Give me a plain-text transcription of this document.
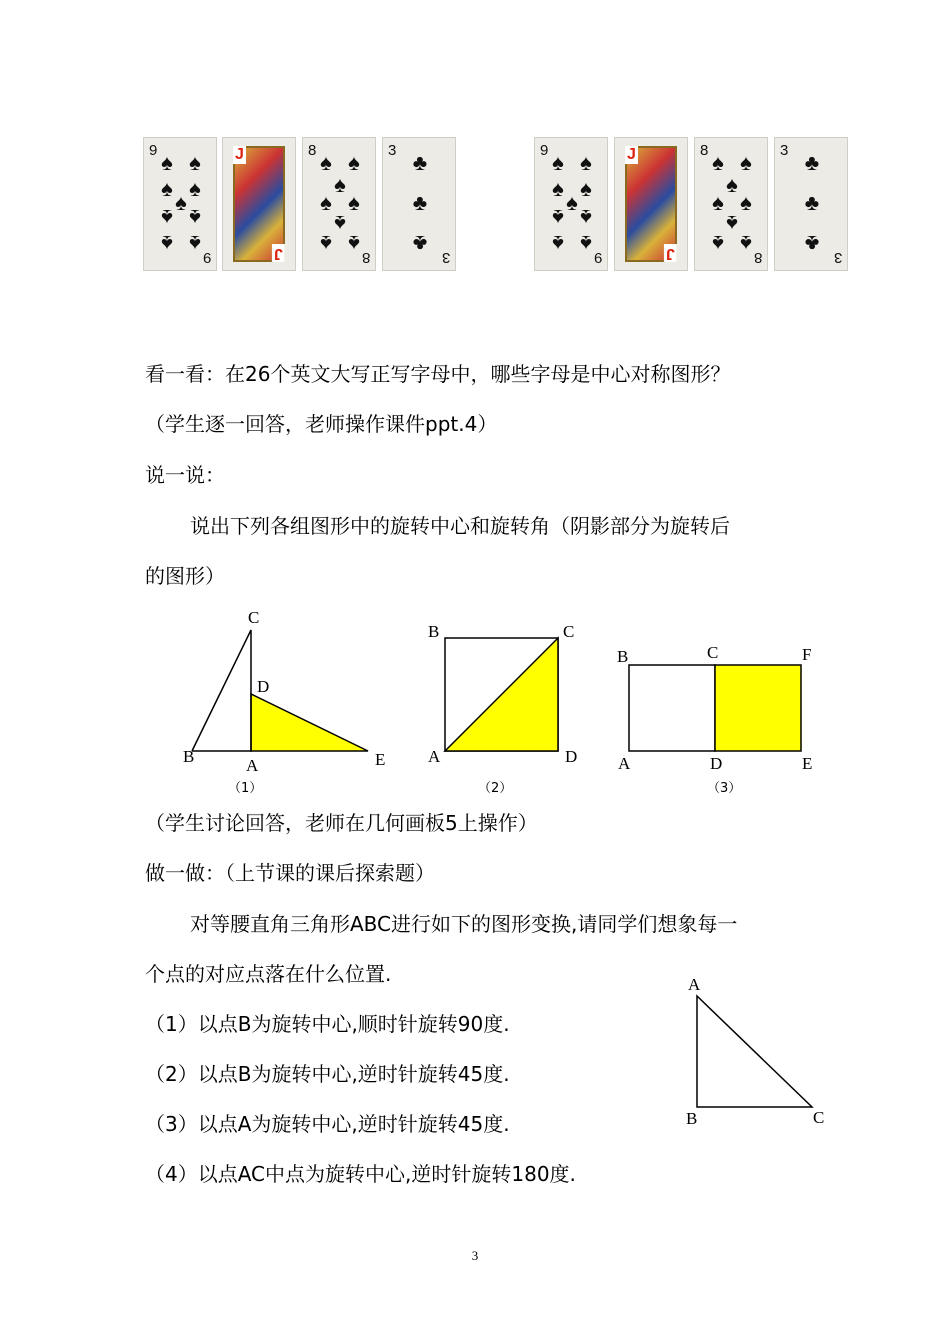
9
9
♠ ♠
♠ ♠
♠
♠ ♠
♠ ♠
J
J
8
8
♠ ♠
♠
♠ ♠
♠
♠ ♠
3
3
♣
♣
♣
9
9
♠ ♠
♠ ♠
♠
♠ ♠
♠ ♠
J
J
8
8
♠ ♠
♠
♠ ♠
♠
♠ ♠
3
3
♣
♣
♣
看一看：在26个英文大写正写字母中，哪些字母是中心对称图形？
（学生逐一回答，老师操作课件ppt.4）
说一说：
说出下列各组图形中的旋转中心和旋转角（阴影部分为旋转后
的图形）
C
D
B	A	E
（1）
B	C
A	D
（2）
B	C	F
A	D	E
（3）
（学生讨论回答，老师在几何画板5上操作）
做一做：（上节课的课后探索题）
对等腰直角三角形ABC进行如下的图形变换,请同学们想象每一
个点的对应点落在什么位置.
（1）以点B为旋转中心,顺时针旋转90度.
（2）以点B为旋转中心,逆时针旋转45度.
（3）以点A为旋转中心,逆时针旋转45度.
（4）以点AC中点为旋转中心,逆时针旋转180度.
A
B	C
3
